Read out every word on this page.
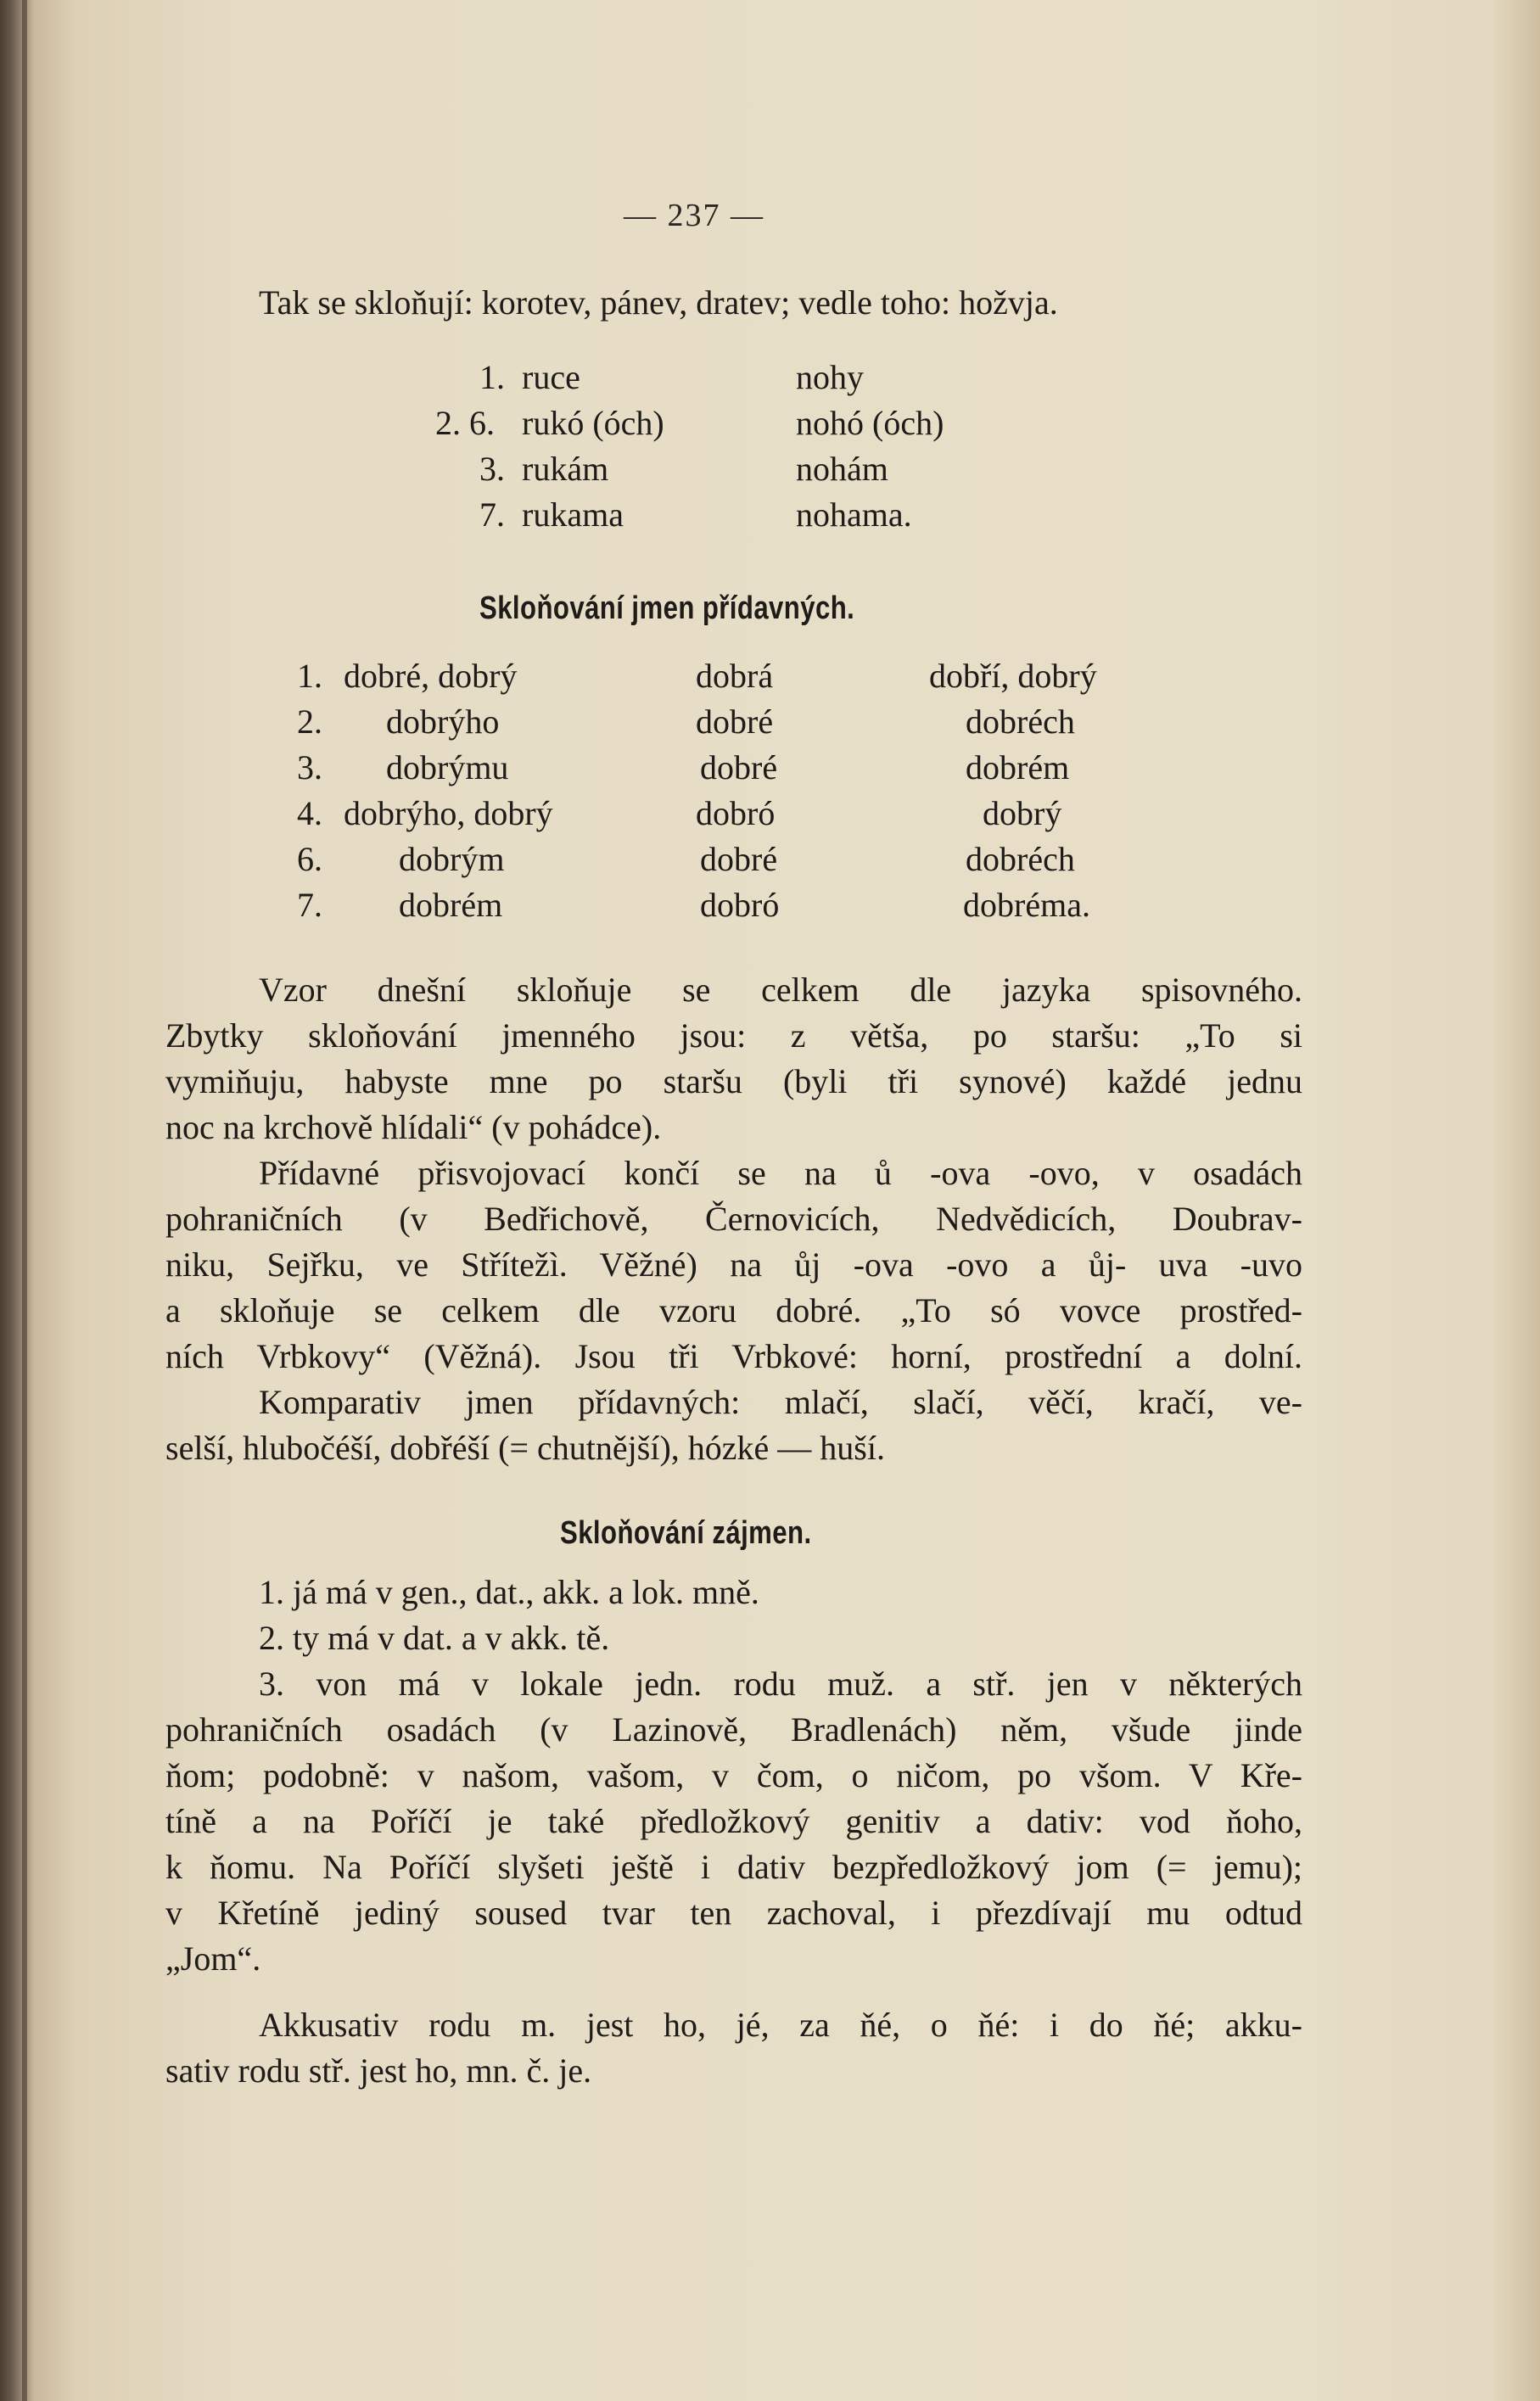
— 237 —
Tak se skloňují: korotev, pánev, dratev; vedle toho: hožvja.
1. ruce	nohy
2. 6. rukó (óch)	nohó (óch)
3. rukám	nohám
7. rukama	nohama.
Skloňování jmen přídavných.
1. dobré, dobrý	dobrá	dobří, dobrý
2. dobrýho	dobré	dobréch
3. dobrýmu	dobré	dobrém
4. dobrýho, dobrý	dobró	dobrý
6. dobrým	dobré	dobréch
7. dobrém	dobró	dobréma.
Vzor dnešní skloňuje se celkem dle jazyka spisovného.
Zbytky skloňování jmenného jsou: z větša, po staršu: „To si
vymiňuju, habyste mne po staršu (byli tři synové) každé jednu
noc na krchově hlídali“ (v pohádce).
Přídavné přisvojovací končí se na ů -ova -ovo, v osadách
pohraničních (v Bedřichově, Černovicích, Nedvědicích, Doubrav-
niku, Sejřku, ve Střítežì. Věžné) na ůj -ova -ovo a ůj- uva -uvo
a skloňuje se celkem dle vzoru dobré. „To só vovce prostřed-
ních Vrbkovy“ (Věžná). Jsou tři Vrbkové: horní, prostřední a dolní.
Komparativ jmen přídavných: mlačí, slačí, věčí, kračí, ve-
selší, hlubočéší, dobřéší (= chutnější), hózké — huší.
Skloňování zájmen.
1. já má v gen., dat., akk. a lok. mně.
2. ty má v dat. a v akk. tě.
3. von má v lokale jedn. rodu muž. a stř. jen v některých
pohraničních osadách (v Lazinově, Bradlenách) něm, všude jinde
ňom; podobně: v našom, vašom, v čom, o ničom, po všom. V Kře-
tíně a na Poříčí je také předložkový genitiv a dativ: vod ňoho,
k ňomu. Na Poříčí slyšeti ještě i dativ bezpředložkový jom (= jemu);
v Křetíně jediný soused tvar ten zachoval, i přezdívají mu odtud
„Jom“.
Akkusativ rodu m. jest ho, jé, za ňé, o ňé: i do ňé; akku-
sativ rodu stř. jest ho, mn. č. je.
